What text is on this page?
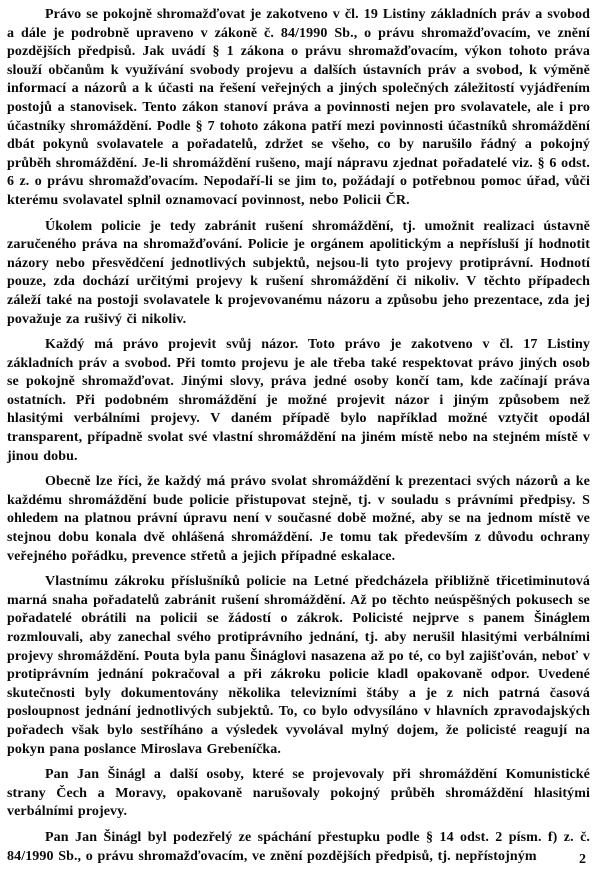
Právo se pokojně shromažďovat je zakotveno v čl. 19 Listiny základních práv a svobod a dále je podrobně upraveno v zákoně č. 84/1990 Sb., o právu shromažďovacím, ve znění pozdějších předpisů. Jak uvádí § 1 zákona o právu shromažďovacím, výkon tohoto práva slouží občanům k využívání svobody projevu a dalších ústavních práv a svobod, k výměně informací a názorů a k účasti na řešení veřejných a jiných společných záležitostí vyjádřením postojů a stanovisek. Tento zákon stanoví práva a povinnosti nejen pro svolavatele, ale i pro účastníky shromáždění. Podle § 7 tohoto zákona patří mezi povinnosti účastníků shromáždění dbát pokynů svolavatele a pořadatelů, zdržet se všeho, co by narušilo řádný a pokojný průběh shromáždění. Je-li shromáždění rušeno, mají nápravu zjednat pořadatelé viz. § 6 odst. 6 z. o právu shromažďovacím. Nepodaří-li se jim to, požádají o potřebnou pomoc úřad, vůči kterému svolavatel splnil oznamovací povinnost, nebo Policii ČR.

Úkolem policie je tedy zabránit rušení shromáždění, tj. umožnit realizaci ústavně zaručeného práva na shromažďování. Policie je orgánem apolitickým a nepřísluší jí hodnotit názory nebo přesvědčení jednotlivých subjektů, nejsou-li tyto projevy protiprávní. Hodnotí pouze, zda dochází určitými projevy k rušení shromáždění či nikoliv. V těchto případech záleží také na postoji svolavatele k projevovanému názoru a způsobu jeho prezentace, zda jej považuje za rušivý či nikoliv.

Každý má právo projevit svůj názor. Toto právo je zakotveno v čl. 17 Listiny základních práv a svobod. Při tomto projevu je ale třeba také respektovat právo jiných osob se pokojně shromažďovat. Jinými slovy, práva jedné osoby končí tam, kde začínají práva ostatních. Při podobném shromáždění je možné projevit názor i jiným způsobem než hlasitými verbálními projevy. V daném případě bylo například možné vztyčit opodál transparent, případně svolat své vlastní shromáždění na jiném místě nebo na stejném místě v jinou dobu.

Obecně lze říci, že každý má právo svolat shromáždění k prezentaci svých názorů a ke každému shromáždění bude policie přistupovat stejně, tj. v souladu s právními předpisy. S ohledem na platnou právní úpravu není v současné době možné, aby se na jednom místě ve stejnou dobu konala dvě ohlášená shromáždění. Je tomu tak především z důvodu ochrany veřejného pořádku, prevence střetů a jejich případné eskalace.

Vlastnímu zákroku příslušníků policie na Letné předcházela přibližně třicetiminutová marná snaha pořadatelů zabránit rušení shromáždění. Až po těchto neúspěšných pokusech se pořadatelé obrátili na policii se žádostí o zákrok. Policisté nejprve s panem Šináglem rozmlouvali, aby zanechal svého protiprávního jednání, tj. aby nerušil hlasitými verbálními projevy shromáždění. Pouta byla panu Šináglovi nasazena až po té, co byl zajišťován, neboť v protiprávním jednání pokračoval a při zákroku policie kladl opakovaně odpor. Uvedené skutečnosti byly dokumentovány několika televizními štáby a je z nich patrná časová posloupnost jednání jednotlivých subjektů. To, co bylo odvysíláno v hlavních zpravodajských pořadech však bylo sestříháno a výsledek vyvolával mylný dojem, že policisté reagují na pokyn pana poslance Miroslava Grebeníčka.

Pan Jan Šinágl a další osoby, které se projevovaly při shromáždění Komunistické strany Čech a Moravy, opakovaně narušovaly pokojný průběh shromáždění hlasitými verbálními projevy.

Pan Jan Šinágl byl podezřelý ze spáchání přestupku podle § 14 odst. 2 písm. f) z. č. 84/1990 Sb., o právu shromažďovacím, ve znění pozdějších předpisů, tj. nepřístojným	2
